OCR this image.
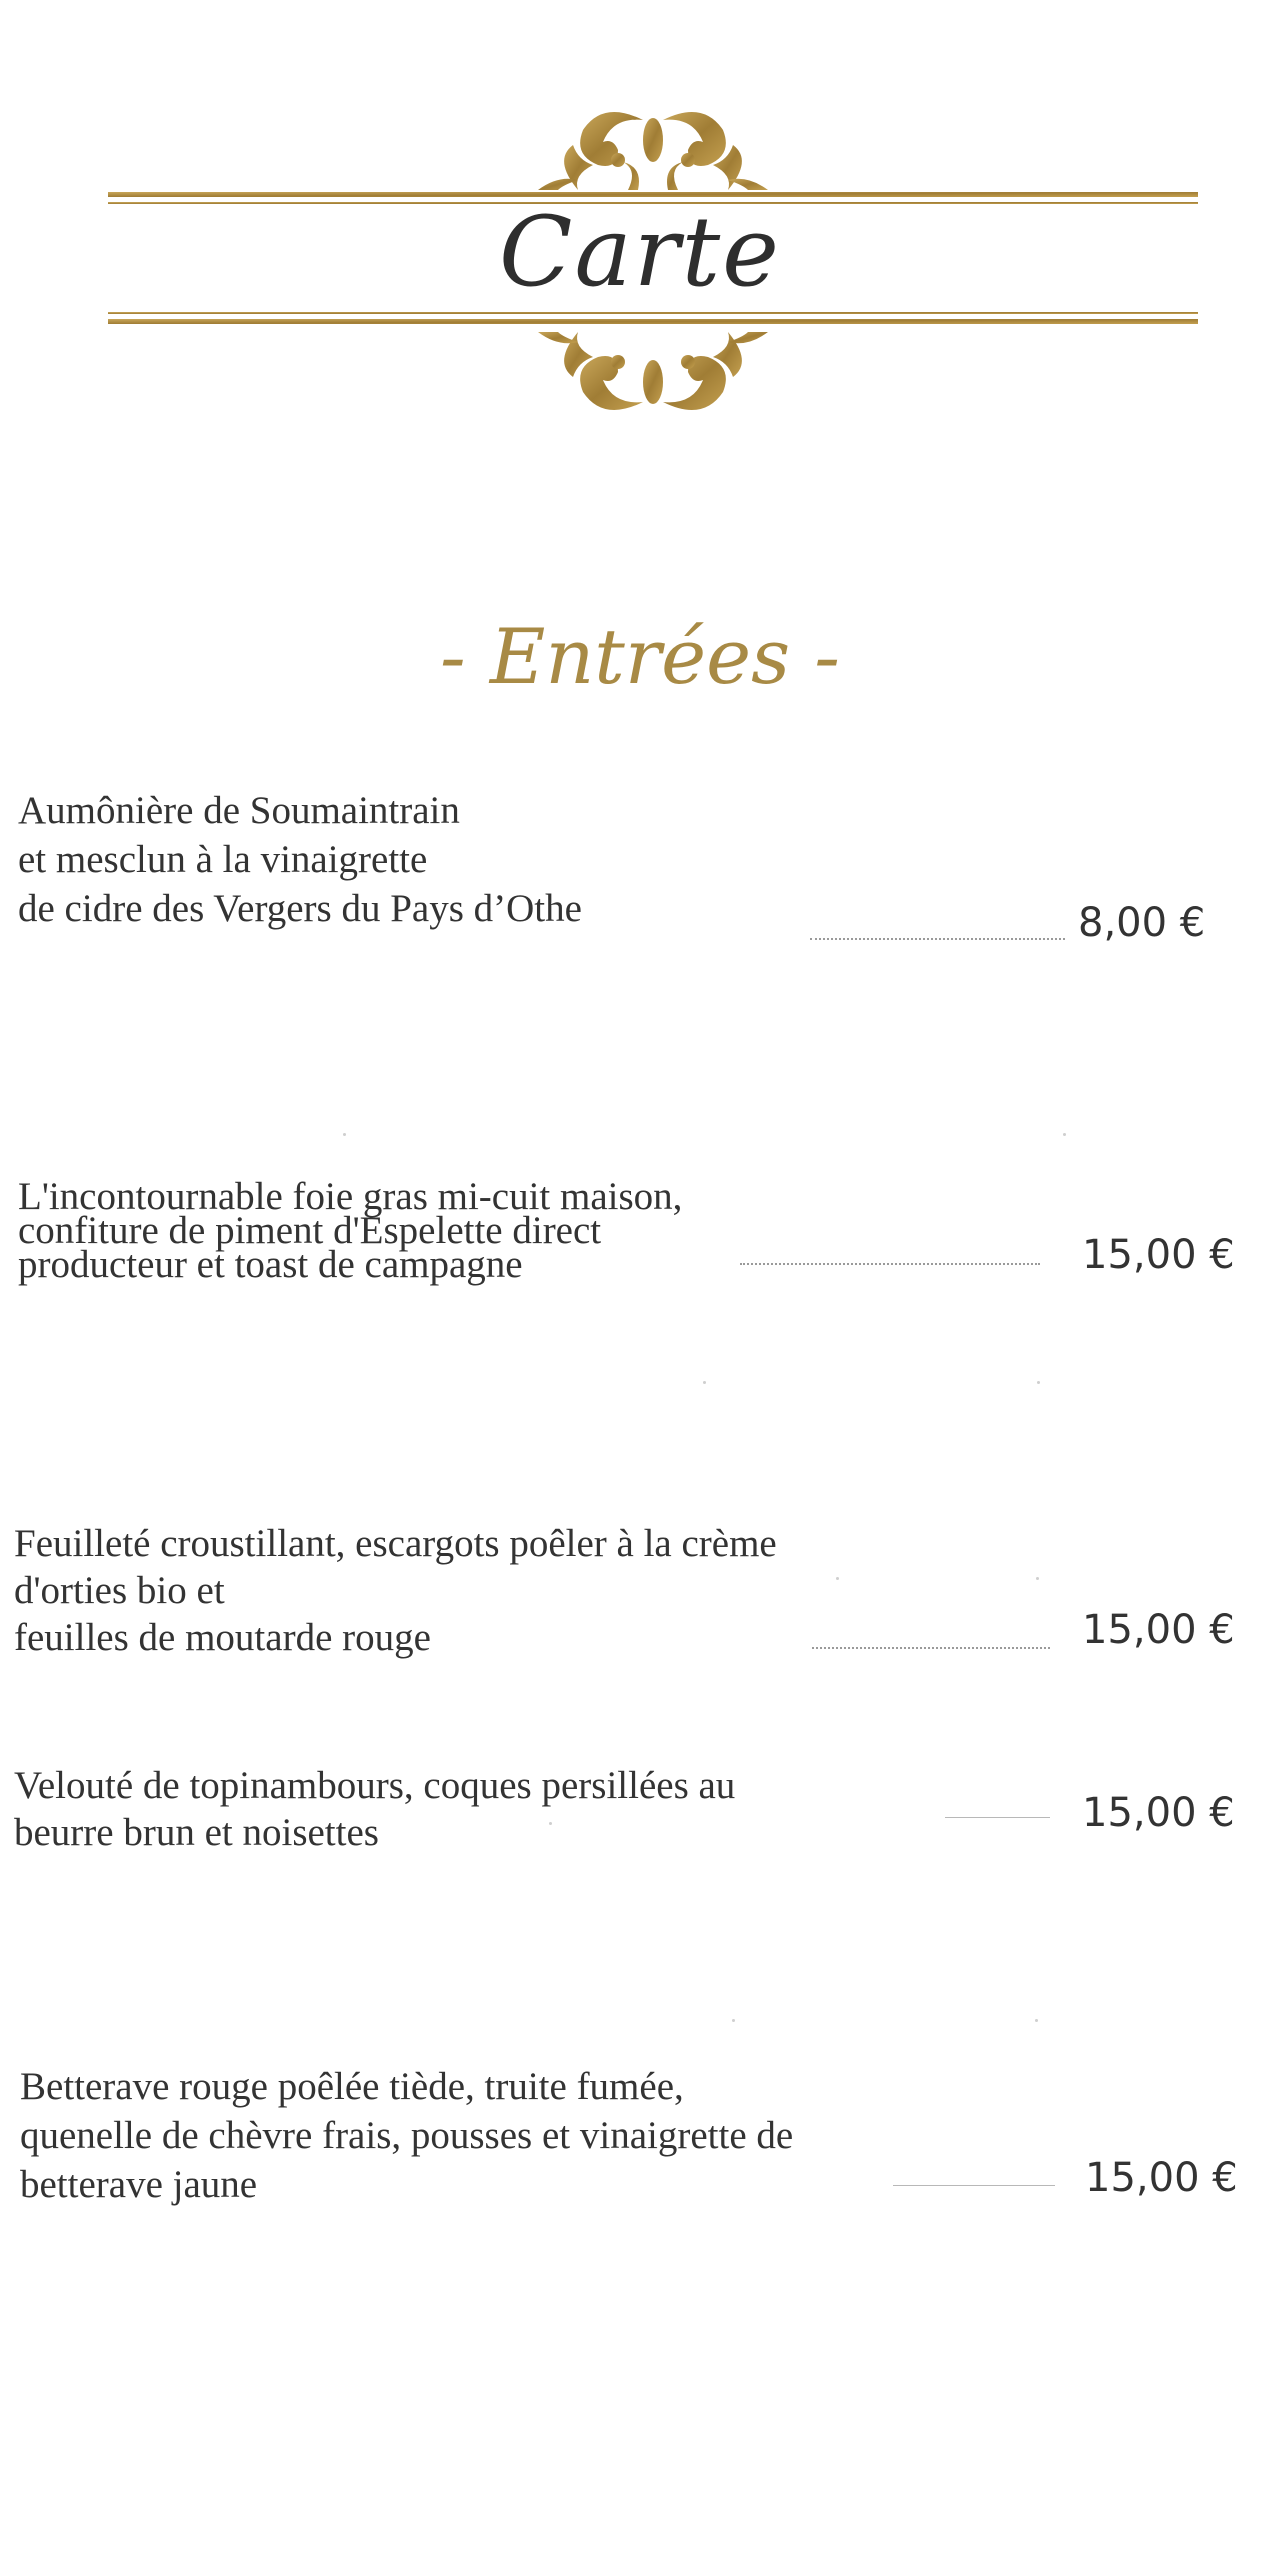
Carte
- Entrées -
Aumônière de Soumaintrain
et mesclun à la vinaigrette
de cidre des Vergers du Pays d’Othe	8,00 €
L'incontournable foie gras mi-cuit maison,
confiture de piment d'Espelette direct
producteur et toast de campagne	15,00 €
Feuilleté croustillant, escargots poêler à la crème
d'orties bio et
feuilles de moutarde rouge	15,00 €
Velouté de topinambours, coques persillées au
beurre brun et noisettes	15,00 €
Betterave rouge poêlée tiède, truite fumée,
quenelle de chèvre frais, pousses et vinaigrette de
betterave jaune	15,00 €
